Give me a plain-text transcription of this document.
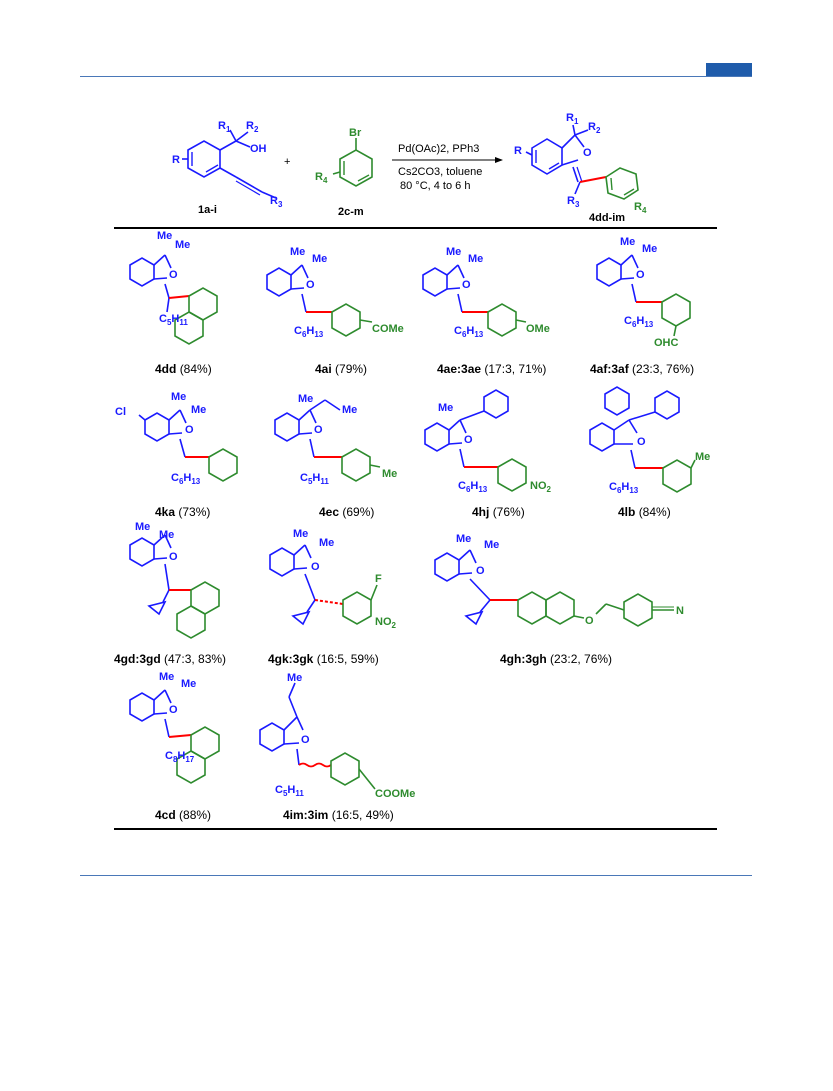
R
$R_1$ $R_2$
OH
$R_3$
1a-i
+
Br
$R_4$
2c-m
Pd(OAc)2, PPh3
Cs2CO3, toluene
80 °C, 4 to 6 h
R
$R_1$ $R_2$
O
$R_3$	$R_4$
4dd-im
Me
Me
O
$C_5H_{11}$
Me
Me
O
$C_6H_{13}$	COMe
Me
Me
O
$C_6H_{13}$	OMe
Me
Me
O
$C_6H_{13}$
OHC
Cl
Me
Me
O
$C_6H_{13}$
Me
Me
O
$C_5H_{11}$
Me
Me
O
$C_6H_{13}$	$NO_2$
O
$C_6H_{13}$
Me
Me
Me
O
Me
Me
O
F
$NO_2$
Me Me
O
O
N
Me
Me
O
$C_8H_{17}$
Me
O
$C_5H_{11}$	COOMe
4dd (84%)	4ai (79%)	4ae:3ae (17:3, 71%)	4af:3af (23:3, 76%)
4ka (73%)	4ec (69%)	4hj (76%)	4lb (84%)
4gd:3gd (47:3, 83%)	4gk:3gk (16:5, 59%)	4gh:3gh (23:2, 76%)
4cd (88%)	4im:3im (16:5, 49%)
